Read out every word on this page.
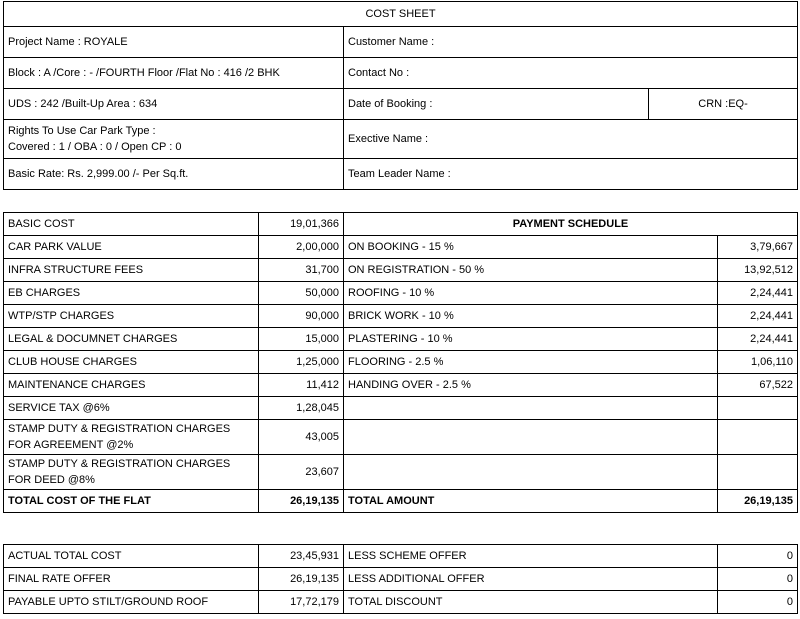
COST SHEET		
Project Name : ROYALE	Customer Name :	
Block : A /Core : - /FOURTH Floor /Flat No : 416 /2 BHK	Contact No :	
UDS : 242 /Built-Up Area : 634	Date of Booking :	CRN :EQ-

Rights To Use Car Park Type :
Covered : 1 / OBA : 0 / Open CP : 0	Exective Name :	
Basic Rate: Rs. 2,999.00 /- Per Sq.ft.	Team Leader Name :	
BASIC COST	19,01,366	PAYMENT SCHEDULE	
CAR PARK VALUE	2,00,000	ON BOOKING - 15 %	3,79,667
INFRA STRUCTURE FEES	31,700	ON REGISTRATION - 50 %	13,92,512
EB CHARGES	50,000	ROOFING - 10 %	2,24,441
WTP/STP CHARGES	90,000	BRICK WORK - 10 %	2,24,441
LEGAL & DOCUMNET CHARGES	15,000	PLASTERING - 10 %	2,24,441
CLUB HOUSE CHARGES	1,25,000	FLOORING - 2.5 %	1,06,110
MAINTENANCE CHARGES	11,412	HANDING OVER - 2.5 %	67,522
SERVICE TAX @6%	1,28,045		

STAMP DUTY & REGISTRATION CHARGES
FOR AGREEMENT @2%	43,005		

STAMP DUTY & REGISTRATION CHARGES
FOR DEED @8%	23,607		
TOTAL COST OF THE FLAT	26,19,135	TOTAL AMOUNT	26,19,135
ACTUAL TOTAL COST	23,45,931	LESS SCHEME OFFER	0
FINAL RATE OFFER	26,19,135	LESS ADDITIONAL OFFER	0
PAYABLE UPTO STILT/GROUND ROOF	17,72,179	TOTAL DISCOUNT	0
